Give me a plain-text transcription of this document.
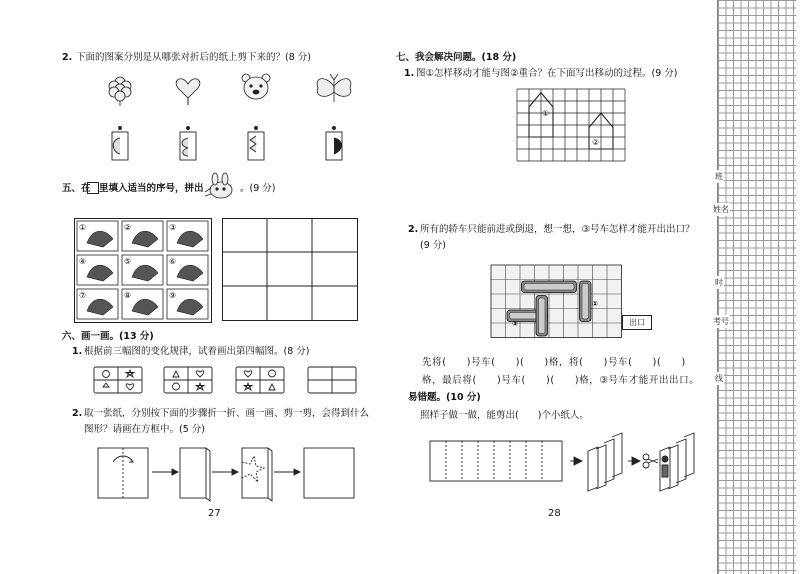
2. 下面的图案分别是从哪张对折后的纸上剪下来的？(8 分)
五、在 里填入适当的序号，拼出	。(9 分)
①	②	③
④	⑤	⑥
⑦	⑧	⑨
六、画一画。(13 分)
1. 根据前三幅图的变化规律，试着画出第四幅图。(8 分)
2. 取一张纸，分别按下面的步骤折一折、画一画、剪一剪，会得到什么
图形？请画在方框中。(5 分)
27
七、我会解决问题。(18 分)
1. 图①怎样移动才能与图②重合？在下面写出移动的过程。(9 分)
①
②
2. 所有的轿车只能前进或倒退，想一想，③号车怎样才能开出出口？
(9 分)
出口
③
①
先将(　　)号车(　　)(　　)格，将(　　)号车(　　)(　　)
格，最后将(　　)号车(　　)(　　)格，③号车才能开出出口。
易错题。(10 分)
照样子做一做，能剪出(　　)个小纸人。
28
班
姓名
时
考号
线
